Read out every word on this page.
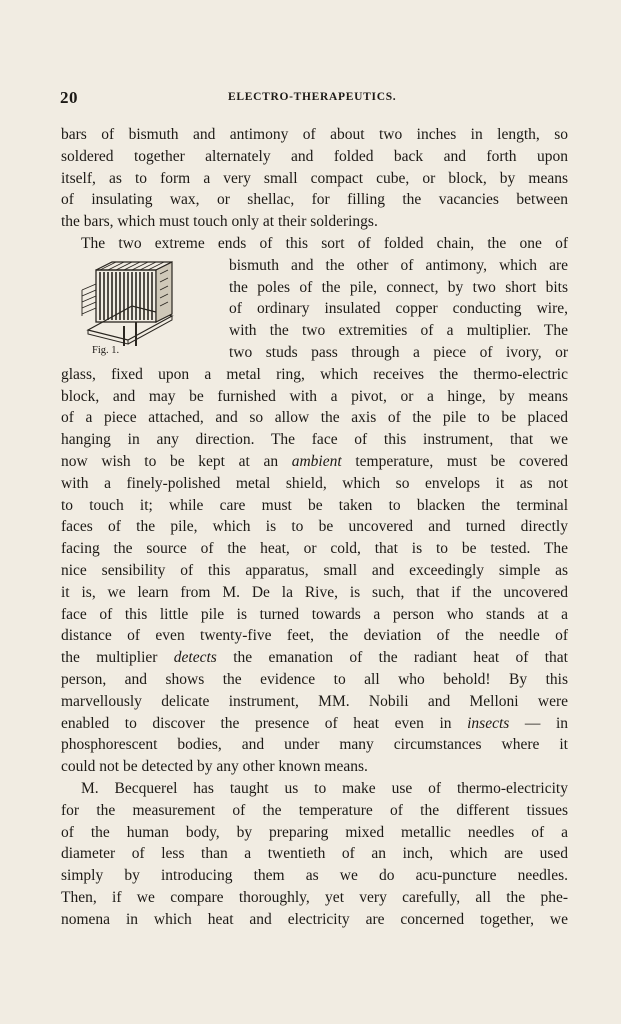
20	ELECTRO-THERAPEUTICS.
Fig. 1.
bars of bismuth and antimony of about two inches in length, so
soldered together alternately and folded back and forth upon
itself, as to form a very small compact cube, or block, by means
of insulating wax, or shellac, for filling the vacancies between
the bars, which must touch only at their solderings.
The two extreme ends of this sort of folded chain, the one of
bismuth and the other of antimony, which are
the poles of the pile, connect, by two short bits
of ordinary insulated copper conducting wire,
with the two extremities of a multiplier. The
two studs pass through a piece of ivory, or
glass, fixed upon a metal ring, which receives the thermo-electric
block, and may be furnished with a pivot, or a hinge, by means
of a piece attached, and so allow the axis of the pile to be placed
hanging in any direction. The face of this instrument, that we
now wish to be kept at an ambient temperature, must be covered
with a finely-polished metal shield, which so envelops it as not
to touch it; while care must be taken to blacken the terminal
faces of the pile, which is to be uncovered and turned directly
facing the source of the heat, or cold, that is to be tested. The
nice sensibility of this apparatus, small and exceedingly simple as
it is, we learn from M. De la Rive, is such, that if the uncovered
face of this little pile is turned towards a person who stands at a
distance of even twenty-five feet, the deviation of the needle of
the multiplier detects the emanation of the radiant heat of that
person, and shows the evidence to all who behold! By this
marvellously delicate instrument, MM. Nobili and Melloni were
enabled to discover the presence of heat even in insects — in
phosphorescent bodies, and under many circumstances where it
could not be detected by any other known means.
M. Becquerel has taught us to make use of thermo-electricity
for the measurement of the temperature of the different tissues
of the human body, by preparing mixed metallic needles of a
diameter of less than a twentieth of an inch, which are used
simply by introducing them as we do acu-puncture needles.
Then, if we compare thoroughly, yet very carefully, all the phe-
nomena in which heat and electricity are concerned together, we
